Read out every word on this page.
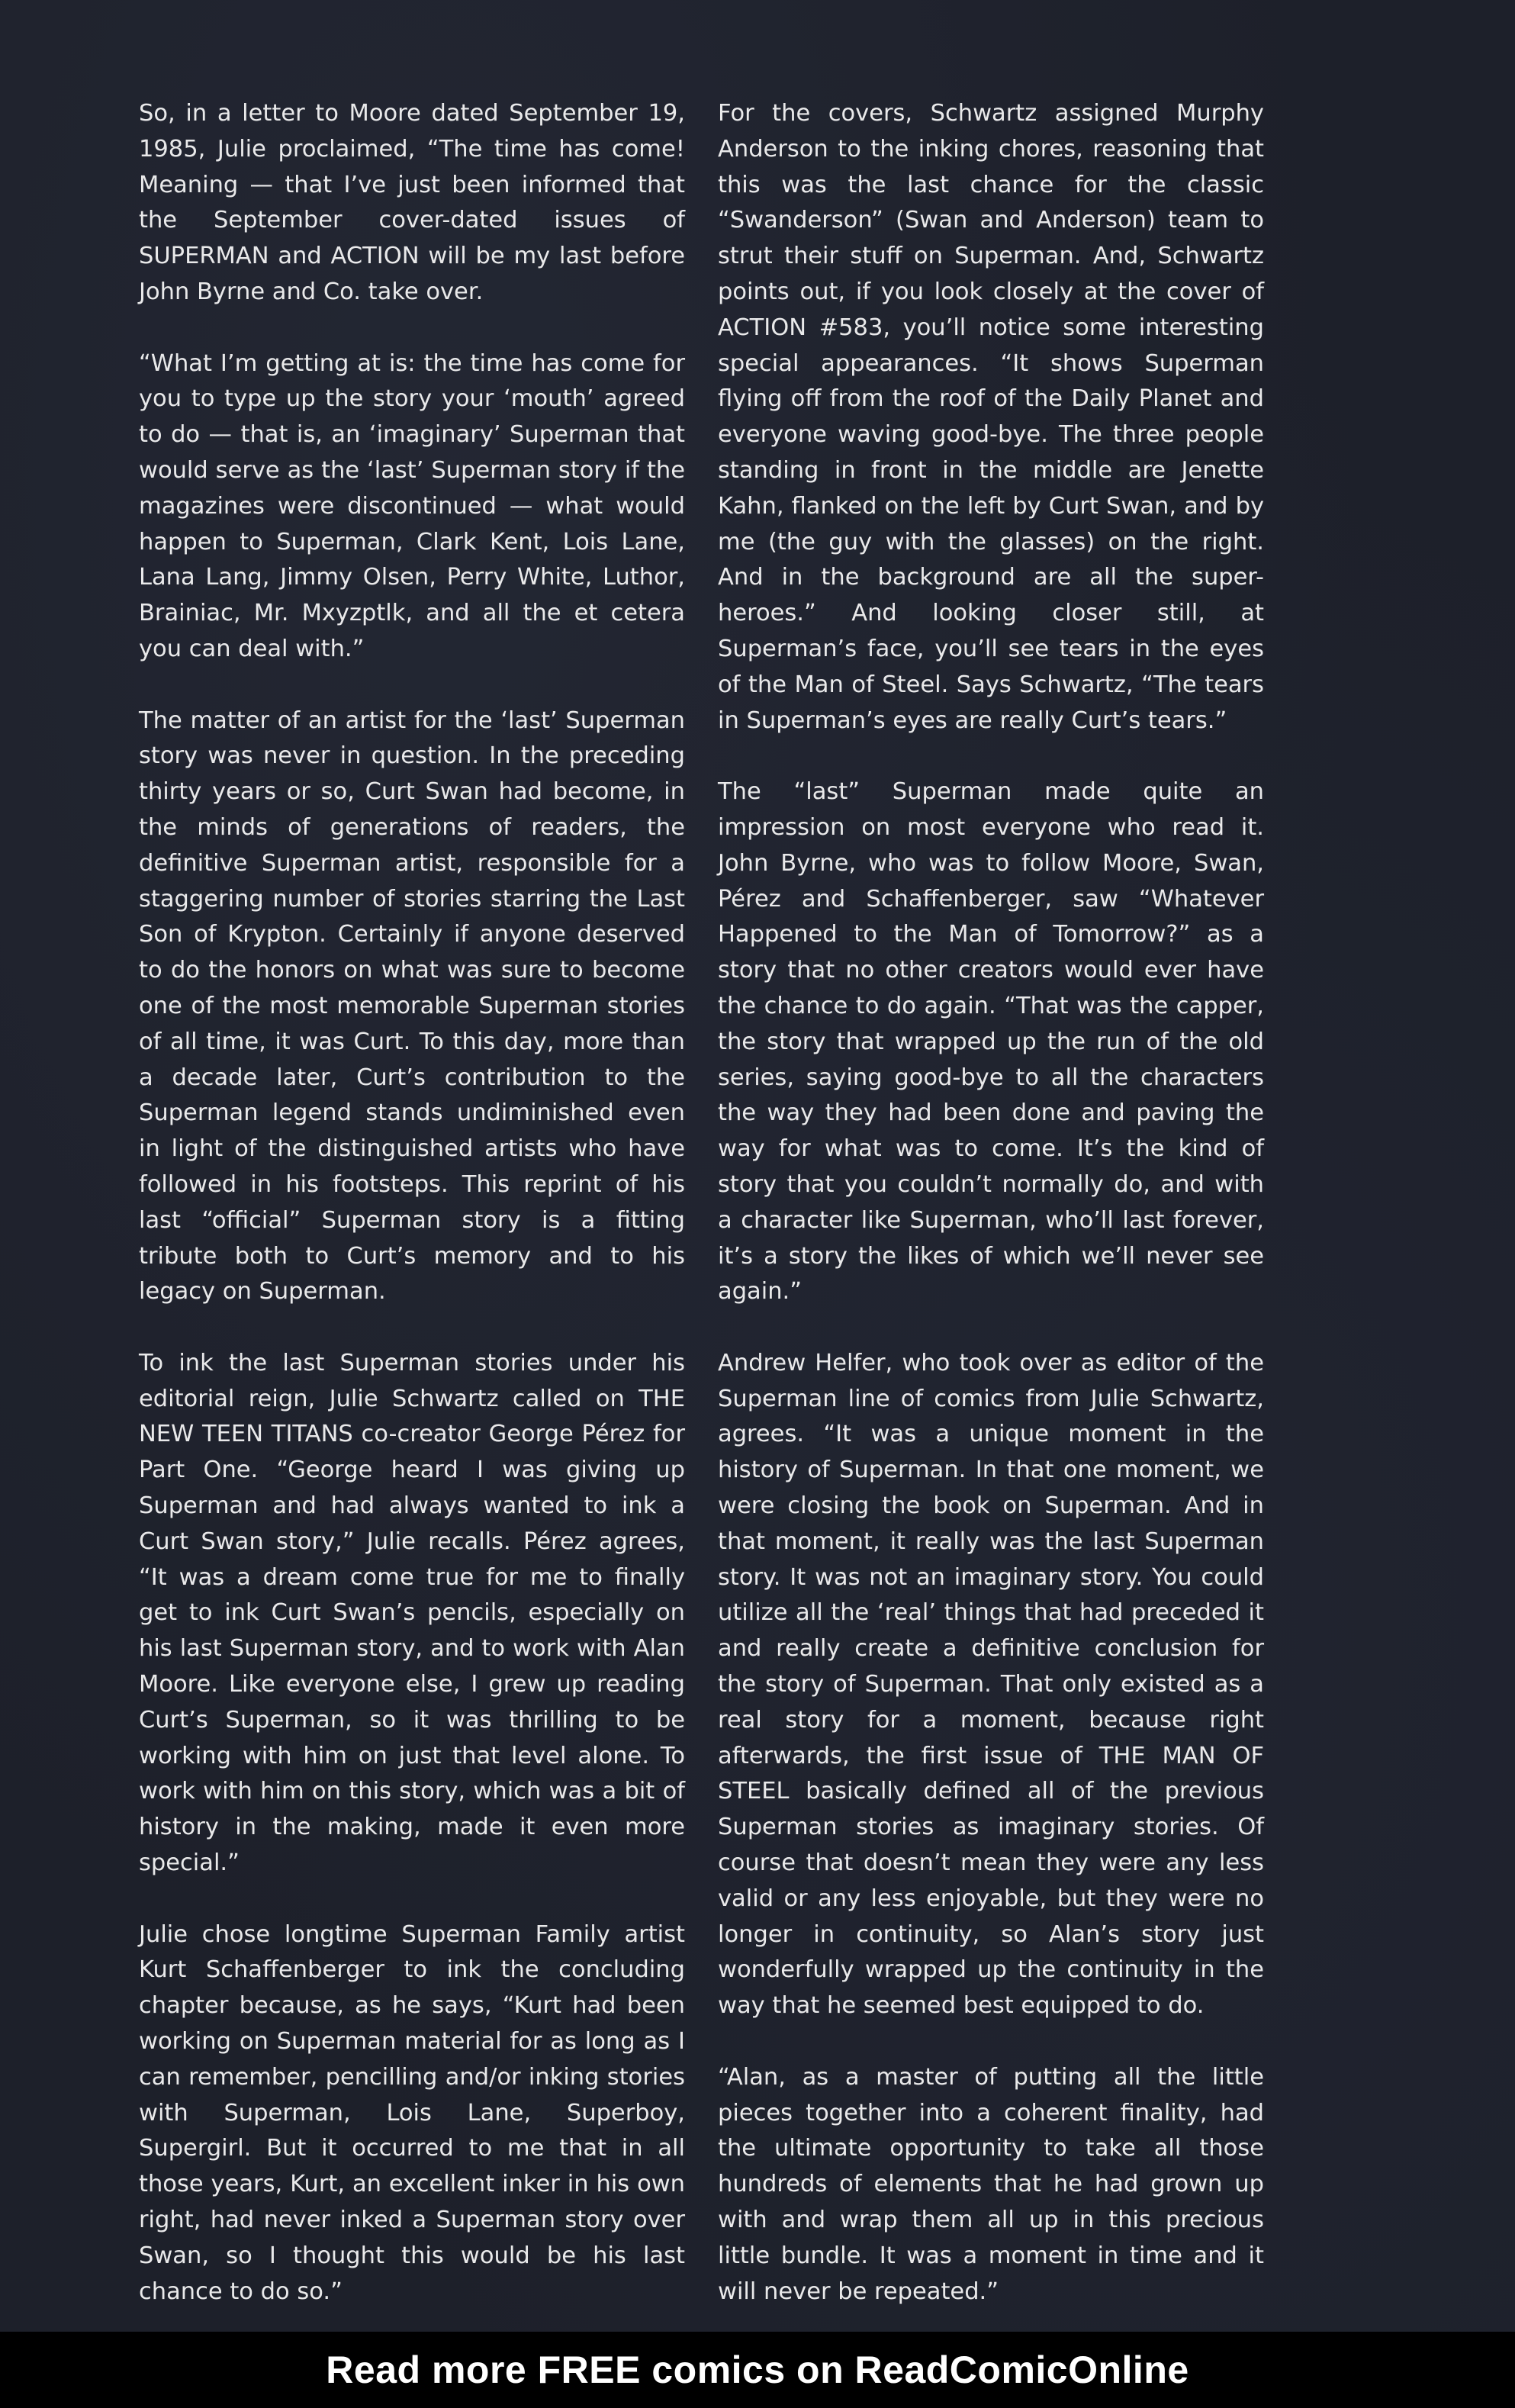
So, in a letter to Moore dated September 19, 1985, Julie proclaimed, “The time has come! Meaning — that I’ve just been informed that the September cover-dated issues of SUPERMAN and ACTION will be my last before John Byrne and Co. take over.

“What I’m getting at is: the time has come for you to type up the story your ‘mouth’ agreed to do — that is, an ‘imaginary’ Superman that would serve as the ‘last’ Superman story if the magazines were discontinued — what would happen to Superman, Clark Kent, Lois Lane, Lana Lang, Jimmy Olsen, Perry White, Luthor, Brainiac, Mr. Mxyzptlk, and all the et cetera you can deal with.”

The matter of an artist for the ‘last’ Superman story was never in question. In the preceding thirty years or so, Curt Swan had become, in the minds of generations of readers, the definitive Superman artist, responsible for a staggering number of stories starring the Last Son of Krypton. Certainly if anyone deserved to do the honors on what was sure to become one of the most memorable Superman stories of all time, it was Curt. To this day, more than a decade later, Curt’s contribution to the Superman legend stands undiminished even in light of the distinguished artists who have followed in his footsteps. This reprint of his last “official” Superman story is a fitting tribute both to Curt’s memory and to his legacy on Superman.

To ink the last Superman stories under his editorial reign, Julie Schwartz called on THE NEW TEEN TITANS co-creator George Pérez for Part One. “George heard I was giving up Superman and had always wanted to ink a Curt Swan story,” Julie recalls. Pérez agrees, “It was a dream come true for me to finally get to ink Curt Swan’s pencils, especially on his last Superman story, and to work with Alan Moore. Like everyone else, I grew up reading Curt’s Superman, so it was thrilling to be working with him on just that level alone. To work with him on this story, which was a bit of history in the making, made it even more special.”

Julie chose longtime Superman Family artist Kurt Schaffenberger to ink the concluding chapter because, as he says, “Kurt had been working on Superman material for as long as I can remember, pencilling and/or inking stories with Superman, Lois Lane, Superboy, Supergirl. But it occurred to me that in all those years, Kurt, an excellent inker in his own right, had never inked a Superman story over Swan, so I thought this would be his last chance to do so.”

For the covers, Schwartz assigned Murphy Anderson to the inking chores, reasoning that this was the last chance for the classic “Swanderson” (Swan and Anderson) team to strut their stuff on Superman. And, Schwartz points out, if you look closely at the cover of ACTION #583, you’ll notice some interesting special appearances. “It shows Superman flying off from the roof of the Daily Planet and everyone waving good-bye. The three people standing in front in the middle are Jenette Kahn, flanked on the left by Curt Swan, and by me (the guy with the glasses) on the right. And in the background are all the super-heroes.” And looking closer still, at Superman’s face, you’ll see tears in the eyes of the Man of Steel. Says Schwartz, “The tears in Superman’s eyes are really Curt’s tears.”

The “last” Superman made quite an impression on most everyone who read it. John Byrne, who was to follow Moore, Swan, Pérez and Schaffenberger, saw “Whatever Happened to the Man of Tomorrow?” as a story that no other creators would ever have the chance to do again. “That was the capper, the story that wrapped up the run of the old series, saying good-bye to all the characters the way they had been done and paving the way for what was to come. It’s the kind of story that you couldn’t normally do, and with a character like Superman, who’ll last forever, it’s a story the likes of which we’ll never see again.”

Andrew Helfer, who took over as editor of the Superman line of comics from Julie Schwartz, agrees. “It was a unique moment in the history of Superman. In that one moment, we were closing the book on Superman. And in that moment, it really was the last Superman story. It was not an imaginary story. You could utilize all the ‘real’ things that had preceded it and really create a definitive conclusion for the story of Superman. That only existed as a real story for a moment, because right afterwards, the first issue of THE MAN OF STEEL basically defined all of the previous Superman stories as imaginary stories. Of course that doesn’t mean they were any less valid or any less enjoyable, but they were no longer in continuity, so Alan’s story just wonderfully wrapped up the continuity in the way that he seemed best equipped to do.

“Alan, as a master of putting all the little pieces together into a coherent finality, had the ultimate opportunity to take all those hundreds of elements that he had grown up with and wrap them all up in this precious little bundle. It was a moment in time and it will never be repeated.”

Read more FREE comics on ReadComicOnline
